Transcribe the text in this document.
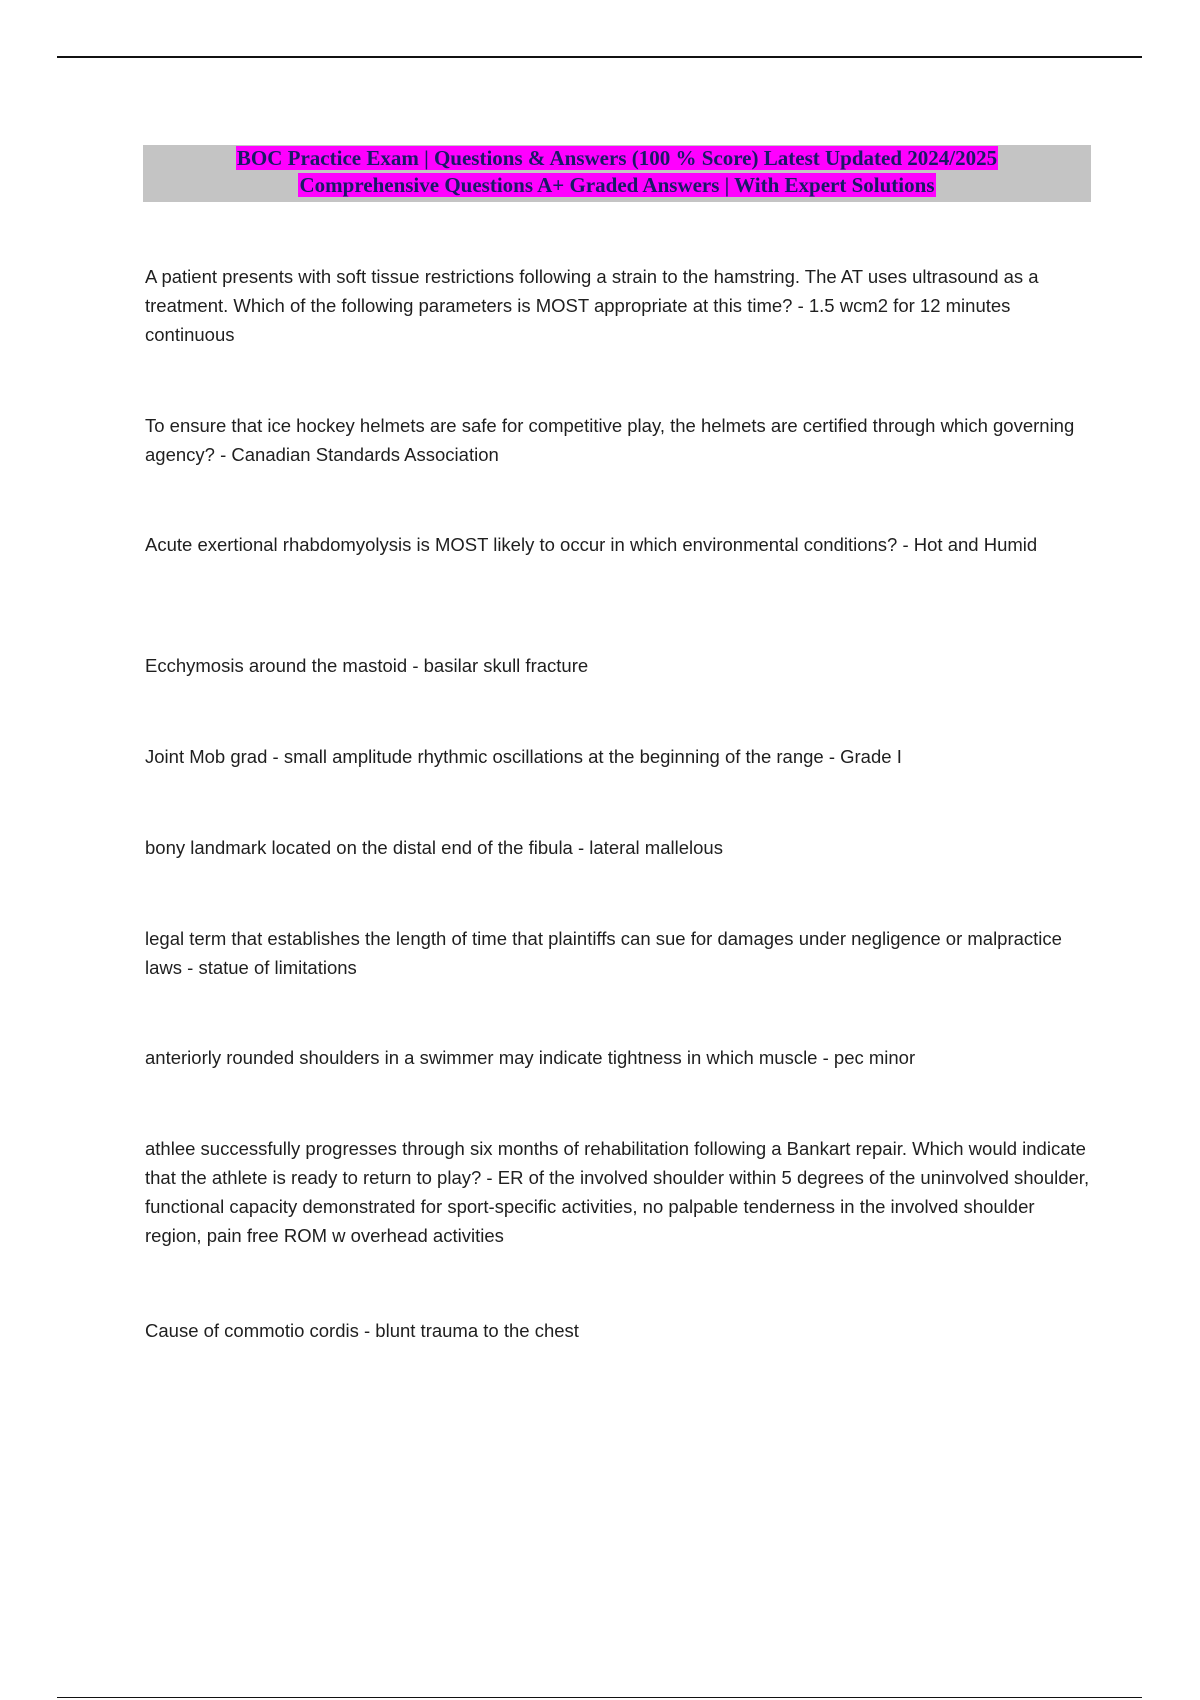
BOC Practice Exam | Questions & Answers (100 % Score) Latest Updated 2024/2025
Comprehensive Questions A+ Graded Answers | With Expert Solutions
A patient presents with soft tissue restrictions following a strain to the hamstring. The AT uses ultrasound as a treatment. Which of the following parameters is MOST appropriate at this time? - 1.5 wcm2 for 12 minutes continuous
To ensure that ice hockey helmets are safe for competitive play, the helmets are certified through which governing agency? - Canadian Standards Association
Acute exertional rhabdomyolysis is MOST likely to occur in which environmental conditions? - Hot and Humid
Ecchymosis around the mastoid - basilar skull fracture
Joint Mob grad - small amplitude rhythmic oscillations at the beginning of the range - Grade I
bony landmark located on the distal end of the fibula - lateral mallelous
legal term that establishes the length of time that plaintiffs can sue for damages under negligence or malpractice laws - statue of limitations
anteriorly rounded shoulders in a swimmer may indicate tightness in which muscle - pec minor
athlee successfully progresses through six months of rehabilitation following a Bankart repair. Which would indicate that the athlete is ready to return to play? - ER of the involved shoulder within 5 degrees of the uninvolved shoulder, functional capacity demonstrated for sport-specific activities, no palpable tenderness in the involved shoulder region, pain free ROM w overhead activities
Cause of commotio cordis - blunt trauma to the chest
